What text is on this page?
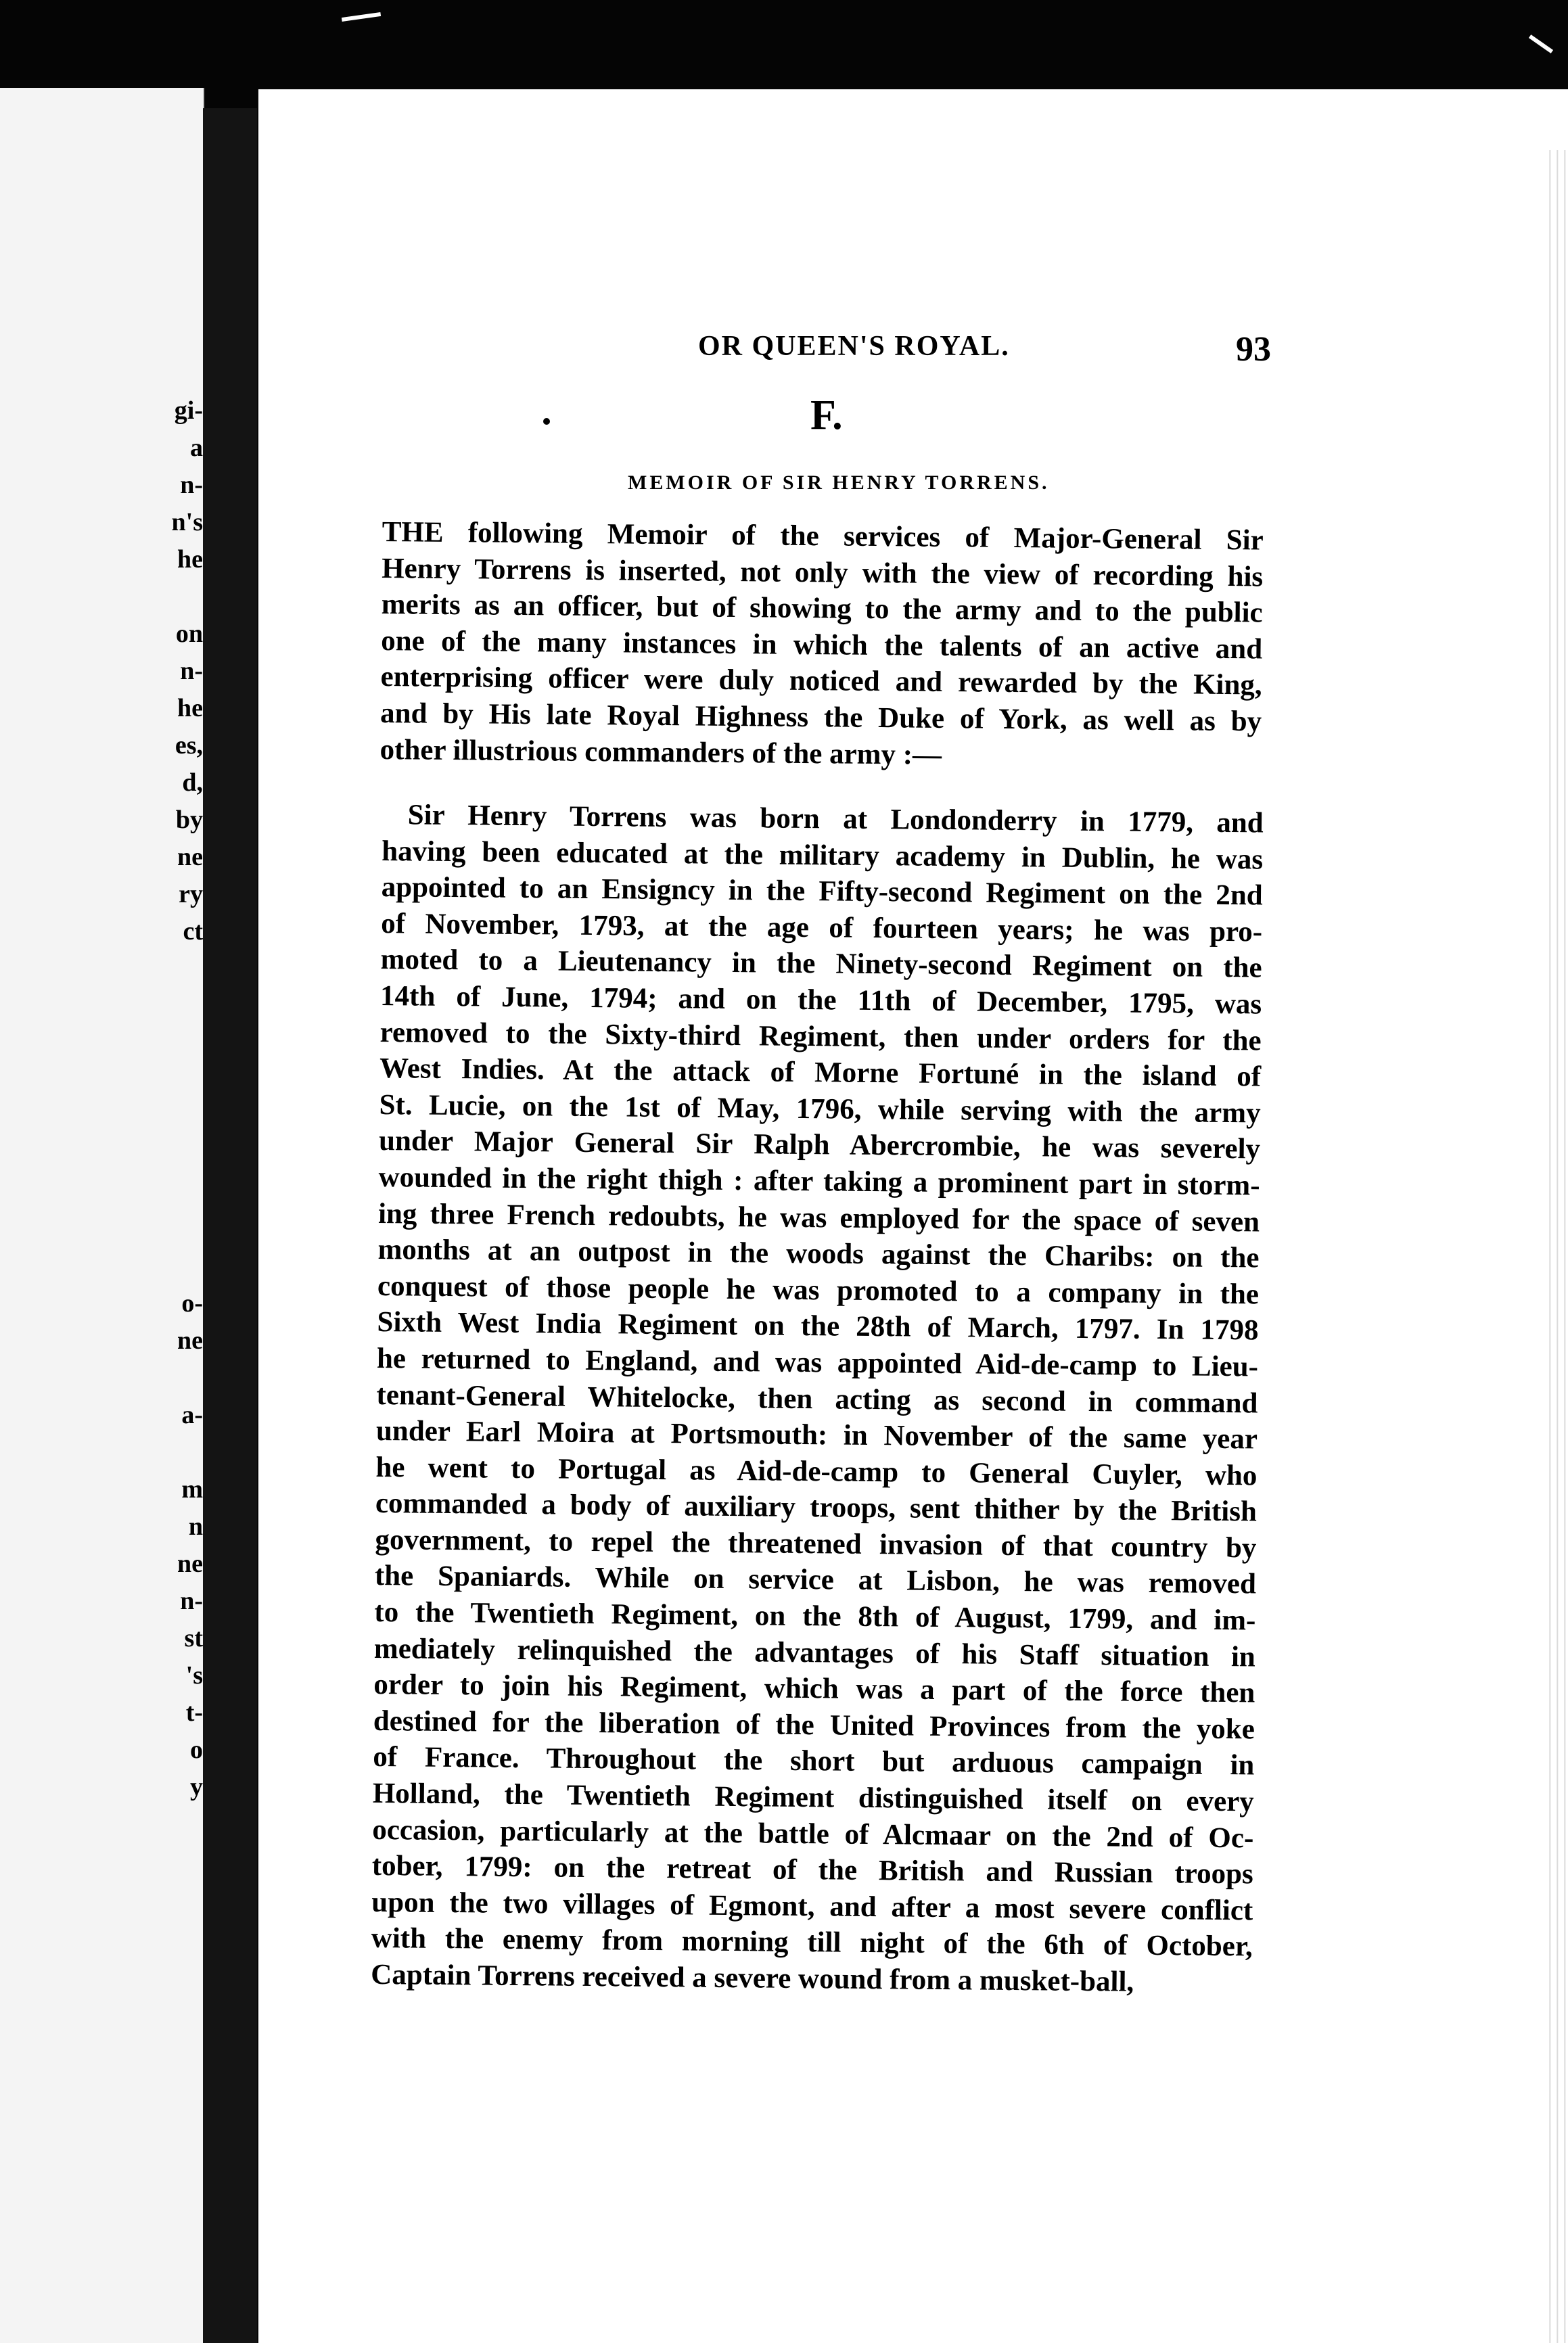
gi-
a
n-
n's
he

on
n-
he
es,
d,
by
ne
ry
ct

o-
ne

a-

m
n
ne
n-
st
's
t-
o
y
OR QUEEN'S ROYAL.	93
F.
MEMOIR OF SIR HENRY TORRENS.
THE following Memoir of the services of Major-General Sir
Henry Torrens is inserted, not only with the view of recording his
merits as an officer, but of showing to the army and to the public
one of the many instances in which the talents of an active and
enterprising officer were duly noticed and rewarded by the King,
and by His late Royal Highness the Duke of York, as well as by
other illustrious commanders of the army :—
Sir Henry Torrens was born at Londonderry in 1779, and
having been educated at the military academy in Dublin, he was
appointed to an Ensigncy in the Fifty-second Regiment on the 2nd
of November, 1793, at the age of fourteen years; he was pro-
moted to a Lieutenancy in the Ninety-second Regiment on the
14th of June, 1794; and on the 11th of December, 1795, was
removed to the Sixty-third Regiment, then under orders for the
West Indies. At the attack of Morne Fortuné in the island of
St. Lucie, on the 1st of May, 1796, while serving with the army
under Major General Sir Ralph Abercrombie, he was severely
wounded in the right thigh : after taking a prominent part in storm-
ing three French redoubts, he was employed for the space of seven
months at an outpost in the woods against the Charibs: on the
conquest of those people he was promoted to a company in the
Sixth West India Regiment on the 28th of March, 1797. In 1798
he returned to England, and was appointed Aid-de-camp to Lieu-
tenant-General Whitelocke, then acting as second in command
under Earl Moira at Portsmouth: in November of the same year
he went to Portugal as Aid-de-camp to General Cuyler, who
commanded a body of auxiliary troops, sent thither by the British
government, to repel the threatened invasion of that country by
the Spaniards. While on service at Lisbon, he was removed
to the Twentieth Regiment, on the 8th of August, 1799, and im-
mediately relinquished the advantages of his Staff situation in
order to join his Regiment, which was a part of the force then
destined for the liberation of the United Provinces from the yoke
of France. Throughout the short but arduous campaign in
Holland, the Twentieth Regiment distinguished itself on every
occasion, particularly at the battle of Alcmaar on the 2nd of Oc-
tober, 1799: on the retreat of the British and Russian troops
upon the two villages of Egmont, and after a most severe conflict
with the enemy from morning till night of the 6th of October,
Captain Torrens received a severe wound from a musket-ball,
